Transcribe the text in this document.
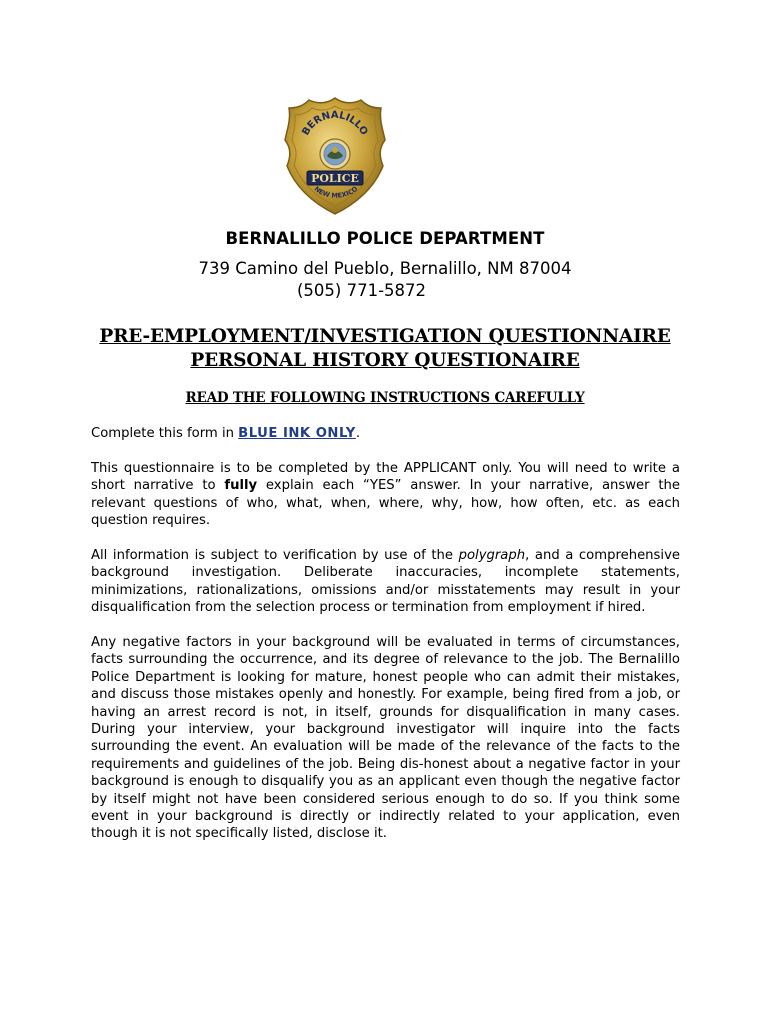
BERNALILLO
POLICE
NEW MEXICO
BERNALILLO POLICE DEPARTMENT
739 Camino del Pueblo, Bernalillo, NM 87004
(505) 771-5872
PRE-EMPLOYMENT/INVESTIGATION QUESTIONNAIRE
PERSONAL HISTORY QUESTIONAIRE
READ THE FOLLOWING INSTRUCTIONS CAREFULLY
Complete this form in BLUE INK ONLY.
This questionnaire is to be completed by the APPLICANT only. You will need to write a short narrative to fully explain each “YES” answer. In your narrative, answer the relevant questions of who, what, when, where, why, how, how often, etc. as each question requires.
All information is subject to verification by use of the polygraph, and a comprehensive background investigation. Deliberate inaccuracies, incomplete statements, minimizations, rationalizations, omissions and/or misstatements may result in your disqualification from the selection process or termination from employment if hired.
Any negative factors in your background will be evaluated in terms of circumstances, facts surrounding the occurrence, and its degree of relevance to the job. The Bernalillo Police Department is looking for mature, honest people who can admit their mistakes, and discuss those mistakes openly and honestly. For example, being fired from a job, or having an arrest record is not, in itself, grounds for disqualification in many cases. During your interview, your background investigator will inquire into the facts surrounding the event. An evaluation will be made of the relevance of the facts to the requirements and guidelines of the job. Being dis-honest about a negative factor in your background is enough to disqualify you as an applicant even though the negative factor by itself might not have been considered serious enough to do so. If you think some event in your background is directly or indirectly related to your application, even though it is not specifically listed, disclose it.
